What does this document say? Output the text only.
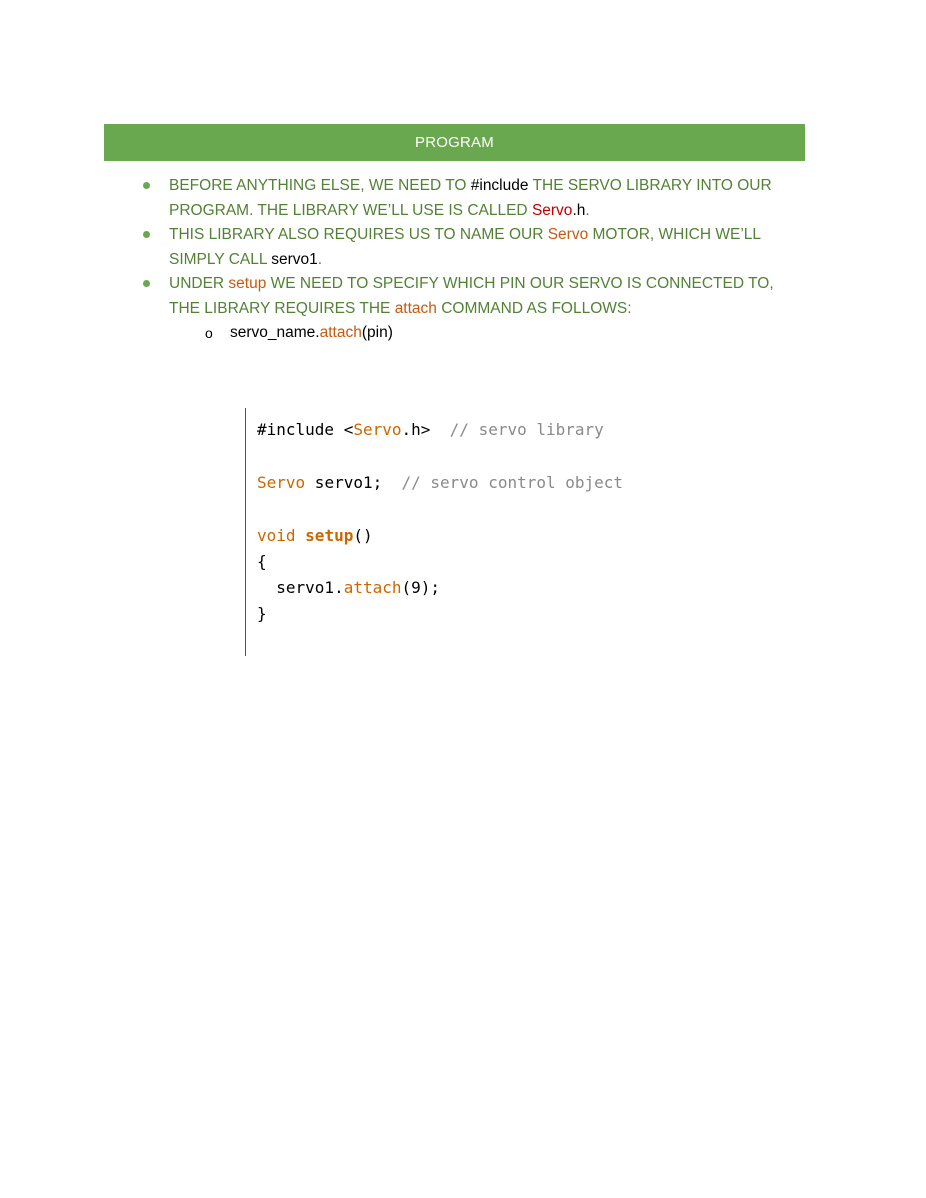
PROGRAM
BEFORE ANYTHING ELSE, WE NEED TO #include THE SERVO LIBRARY INTO OUR PROGRAM. THE LIBRARY WE’LL USE IS CALLED Servo.h.
THIS LIBRARY ALSO REQUIRES US TO NAME OUR Servo MOTOR, WHICH WE’LL SIMPLY CALL servo1.
UNDER setup WE NEED TO SPECIFY WHICH PIN OUR SERVO IS CONNECTED TO, THE LIBRARY REQUIRES THE attach COMMAND AS FOLLOWS:
o servo_name.attach(pin)
#include <Servo.h>  // servo library
Servo servo1;  // servo control object
void setup()
{
servo1.attach(9);
}
